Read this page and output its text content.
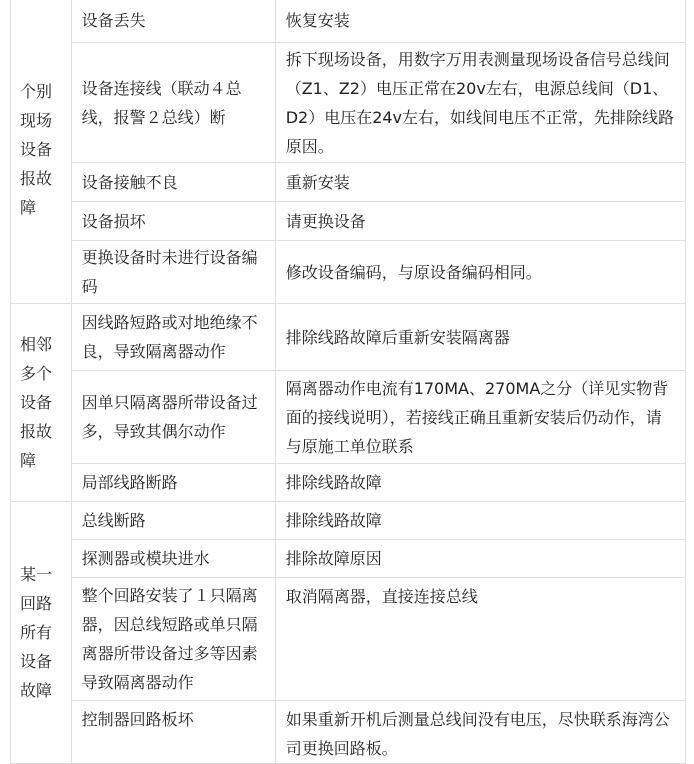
个别现场设备报故障	设备丢失	恢复安装
	设备连接线（联动４总线，报警２总线）断	拆下现场设备，用数字万用表测量现场设备信号总线间（Z1、Z2）电压正常在20v左右，电源总线间（D1、D2）电压在24v左右，如线间电压不正常，先排除线路原因。
	设备接触不良	重新安装
	设备损坏	请更换设备
	更换设备时未进行设备编码	修改设备编码，与原设备编码相同。
相邻多个设备报故障	因线路短路或对地绝缘不良，导致隔离器动作	排除线路故障后重新安装隔离器
	因单只隔离器所带设备过多，导致其偶尔动作	隔离器动作电流有170MA、270MA之分（详见实物背面的接线说明），若接线正确且重新安装后仍动作，请与原施工单位联系
	局部线路断路	排除线路故障
某一回路所有设备故障	总线断路	排除线路故障
	探测器或模块进水	排除故障原因
	整个回路安装了１只隔离器，因总线短路或单只隔离器所带设备过多等因素导致隔离器动作	取消隔离器，直接连接总线
	控制器回路板坏	如果重新开机后测量总线间没有电压，尽快联系海湾公司更换回路板。
